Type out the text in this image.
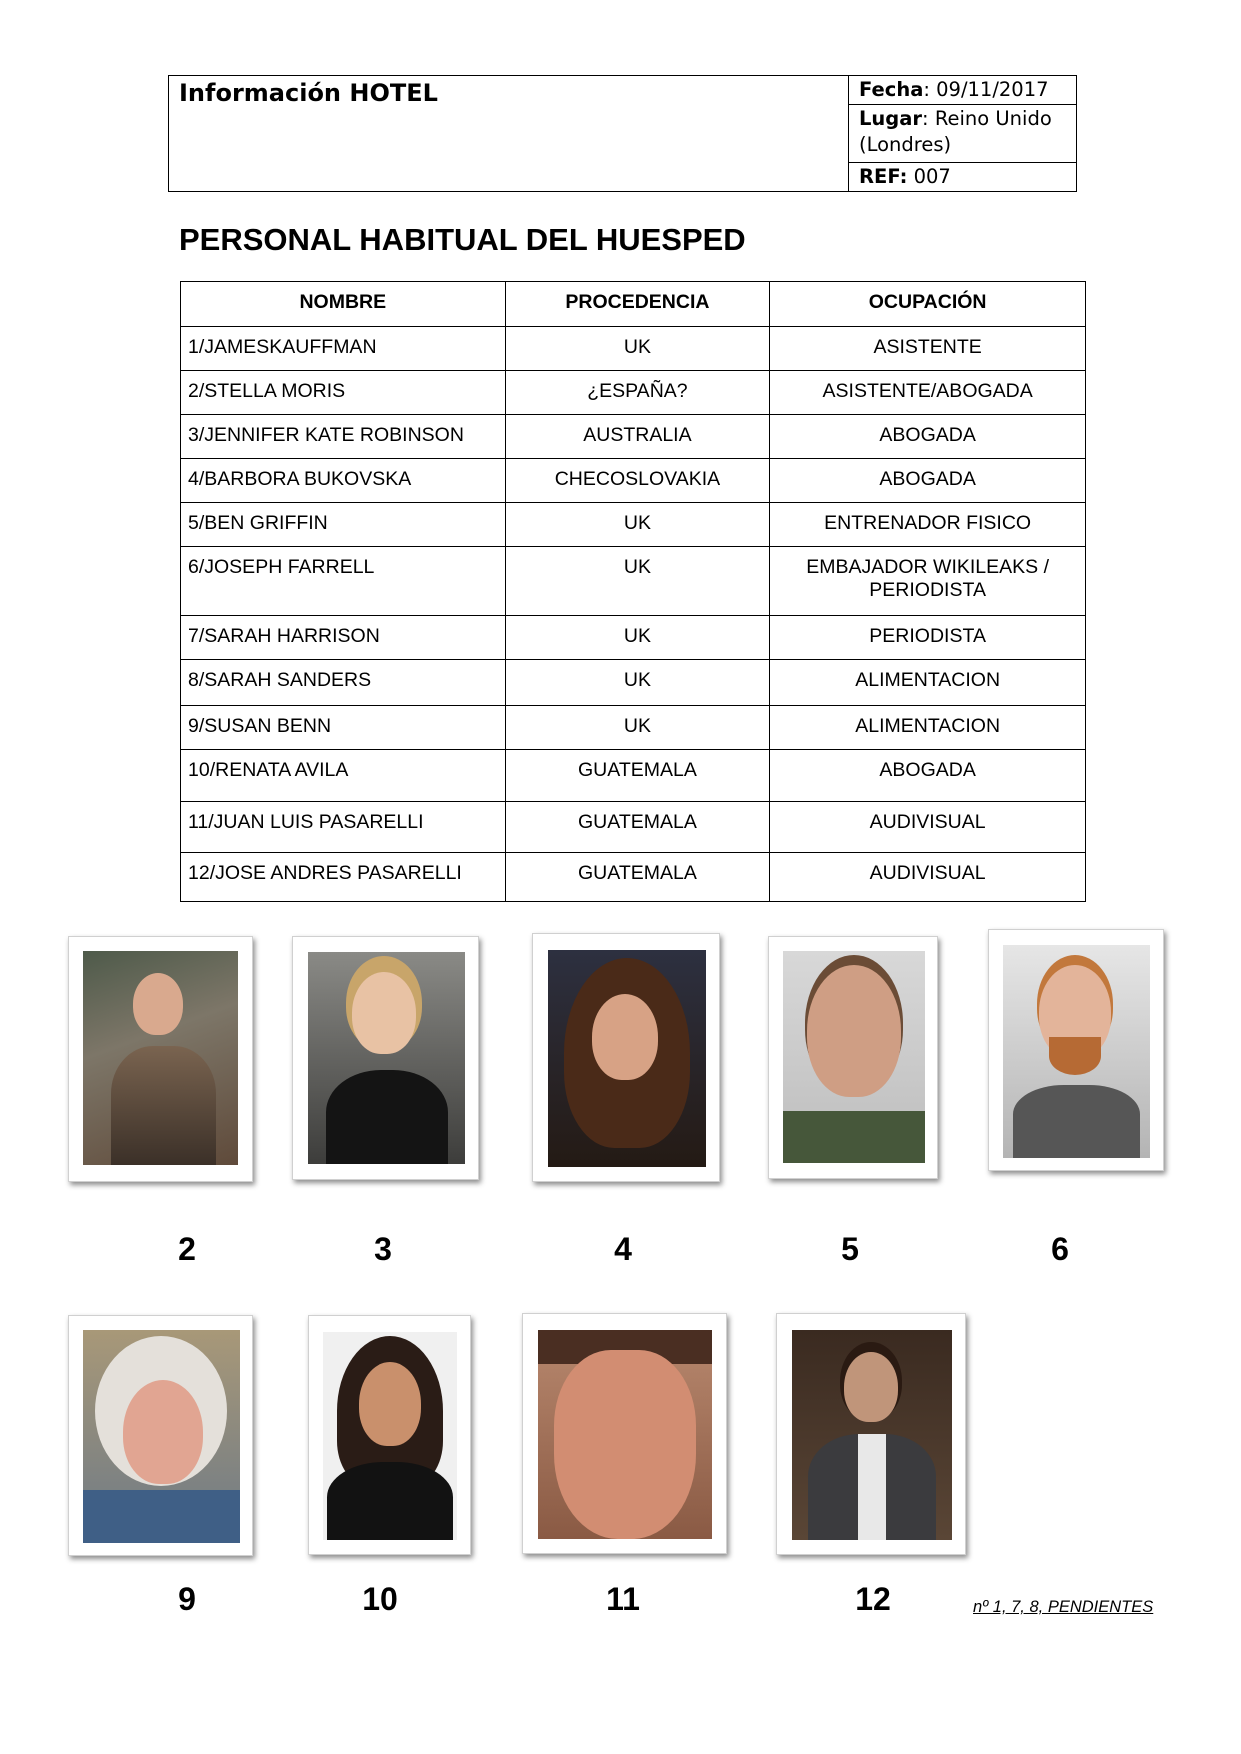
Información HOTEL	Fecha: 09/11/2017
Lugar: Reino Unido (Londres)
REF: 007
PERSONAL HABITUAL DEL HUESPED
NOMBRE	PROCEDENCIA	OCUPACIÓN
1/JAMESKAUFFMAN	UK	ASISTENTE
2/STELLA MORIS	¿ESPAÑA?	ASISTENTE/ABOGADA
3/JENNIFER KATE ROBINSON	AUSTRALIA	ABOGADA
4/BARBORA BUKOVSKA	CHECOSLOVAKIA	ABOGADA
5/BEN GRIFFIN	UK	ENTRENADOR FISICO
6/JOSEPH FARRELL	UK	EMBAJADOR WIKILEAKS / PERIODISTA
7/SARAH HARRISON	UK	PERIODISTA
8/SARAH SANDERS	UK	ALIMENTACION
9/SUSAN BENN	UK	ALIMENTACION
10/RENATA AVILA	GUATEMALA	ABOGADA
11/JUAN LUIS PASARELLI	GUATEMALA	AUDIVISUAL
12/JOSE ANDRES PASARELLI	GUATEMALA	AUDIVISUAL
2	3	4	5	6
9	10	11	12	nº 1, 7, 8, PENDIENTES
